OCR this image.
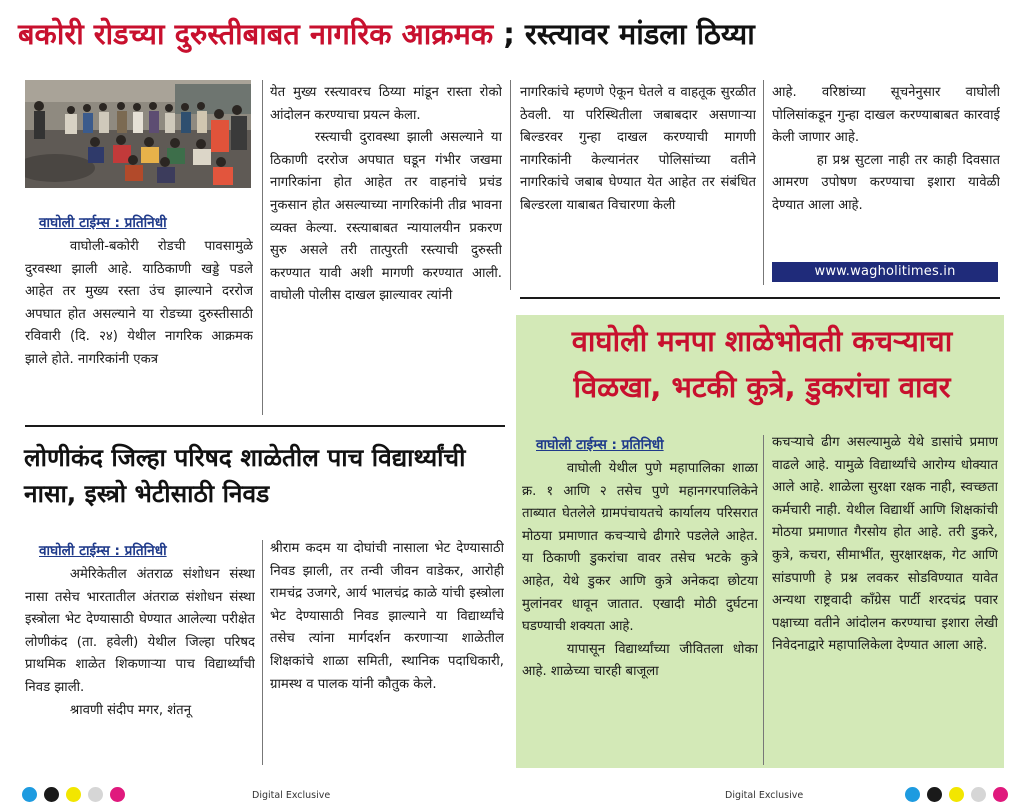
बकोरी रोडच्या दुरुस्तीबाबत नागरिक आक्रमक ; रस्त्यावर मांडला ठिय्या
वाघोली टाईम्स : प्रतिनिधी

वाघोली-बकोरी रोडची पावसामुळे दुरवस्था झाली आहे. याठिकाणी खड्डे पडले आहेत तर मुख्य रस्ता उंच झाल्याने दररोज अपघात होत असल्याने या रोडच्या दुरुस्तीसाठी रविवारी (दि. २४) येथील नागरिक आक्रमक झाले होते. नागरिकांनी एकत्र

येत मुख्य रस्त्यावरच ठिय्या मांडून रास्ता रोको आंदोलन करण्याचा प्रयत्न केला.

रस्त्याची दुरावस्था झाली असल्याने या ठिकाणी दररोज अपघात घडून गंभीर जखमा नागरिकांना होत आहेत तर वाहनांचे प्रचंड नुकसान होत असल्याच्या नागरिकांनी तीव्र भावना व्यक्त केल्या. रस्त्याबाबत न्यायालयीन प्रकरण सुरु असले तरी तात्पुरती रस्त्याची दुरुस्ती करण्यात यावी अशी मागणी करण्यात आली. वाघोली पोलीस दाखल झाल्यावर त्यांनी

नागरिकांचे म्हणणे ऐकून घेतले व वाहतूक सुरळीत ठेवली. या परिस्थितीला जबाबदार असणाऱ्या बिल्डरवर गुन्हा दाखल करण्याची मागणी नागरिकांनी केल्यानंतर पोलिसांच्या वतीने नागरिकांचे जबाब घेण्यात येत आहेत तर संबंधित बिल्डरला याबाबत विचारणा केली

आहे. वरिष्ठांच्या सूचनेनुसार वाघोली पोलिसांकडून गुन्हा दाखल करण्याबाबत कारवाई केली जाणार आहे.

हा प्रश्न सुटला नाही तर काही दिवसात आमरण उपोषण करण्याचा इशारा यावेळी देण्यात आला आहे.

www.wagholitimes.in
लोणीकंद जिल्हा परिषद शाळेतील पाच विद्यार्थ्यांची नासा, इस्त्रो भेटीसाठी निवड
वाघोली टाईम्स : प्रतिनिधी

अमेरिकेतील अंतराळ संशोधन संस्था नासा तसेच भारतातील अंतराळ संशोधन संस्था इस्त्रोला भेट देण्यासाठी घेण्यात आलेल्या परीक्षेत लोणीकंद (ता. हवेली) येथील जिल्हा परिषद प्राथमिक शाळेत शिकणाऱ्या पाच विद्यार्थ्यांची निवड झाली.

श्रावणी संदीप मगर, शंतनू

श्रीराम कदम या दोघांची नासाला भेट देण्यासाठी निवड झाली, तर तन्वी जीवन वाडेकर, आरोही रामचंद्र उजगरे, आर्य भालचंद्र काळे यांची इस्त्रोला भेट देण्यासाठी निवड झाल्याने या विद्यार्थ्यांचे तसेच त्यांना मार्गदर्शन करणाऱ्या शाळेतील शिक्षकांचे शाळा समिती, स्थानिक पदाधिकारी, ग्रामस्थ व पालक यांनी कौतुक केले.

वाघोली मनपा शाळेभोवती कचऱ्याचा विळखा, भटकी कुत्रे, डुकरांचा वावर
वाघोली टाईम्स : प्रतिनिधी

वाघोली येथील पुणे महापालिका शाळा क्र. १ आणि २ तसेच पुणे महानगरपालिकेने ताब्यात घेतलेले ग्रामपंचायतचे कार्यालय परिसरात मोठया प्रमाणात कचऱ्याचे ढीगारे पडलेले आहेत. या ठिकाणी डुकरांचा वावर तसेच भटके कुत्रे आहेत, येथे डुकर आणि कुत्रे अनेकदा छोटया मुलांनवर धावून जातात. एखादी मोठी दुर्घटना घडण्याची शक्यता आहे.

यापासून विद्यार्थ्यांच्या जीवितला धोका आहे. शाळेच्या चारही बाजूला

कचऱ्याचे ढीग असल्यामुळे येथे डासांचे प्रमाण वाढले आहे. यामुळे विद्यार्थ्यांचे आरोग्य धोक्यात आले आहे. शाळेला सुरक्षा रक्षक नाही, स्वच्छता कर्मचारी नाही. येथील विद्यार्थी आणि शिक्षकांची मोठया प्रमाणात गैरसोय होत आहे. तरी डुकरे, कुत्रे, कचरा, सीमाभींत, सुरक्षारक्षक, गेट आणि सांडपाणी हे प्रश्न लवकर सोडविण्यात यावेत अन्यथा राष्ट्रवादी कॉंग्रेस पार्टी शरदचंद्र पवार पक्षाच्या वतीने आंदोलन करण्याचा इशारा लेखी निवेदनाद्वारे महापालिकेला देण्यात आला आहे.

Digital Exclusive	Digital Exclusive
